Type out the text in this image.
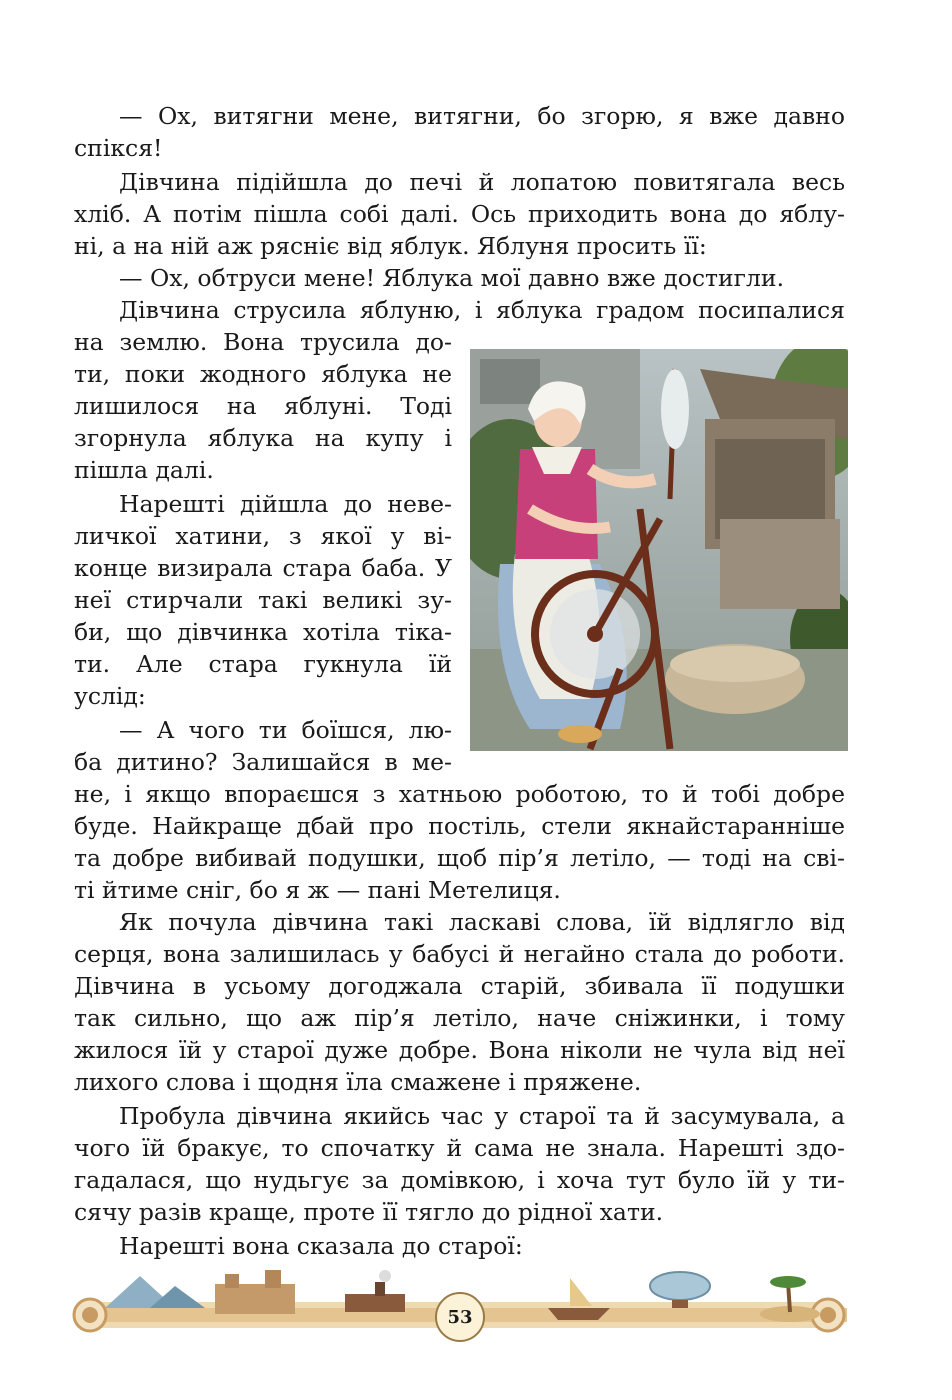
— Ох, витягни мене, витягни, бо згорю, я вже давно
спікся!
Дівчина підійшла до печі й лопатою повитягала весь
хліб. А потім пішла собі далі. Ось приходить вона до яблу-
ні, а на ній аж рясніє від яблук. Яблуня просить її:
— Ох, обтруси мене! Яблука мої давно вже достигли.
Дівчина струсила яблуню, і яблука градом посипалися
на землю. Вона трусила до-
ти, поки жодного яблука не
лишилося на яблуні. Тоді
згорнула яблука на купу і
пішла далі.
Нарешті дійшла до неве-
личкої хатини, з якої у ві-
конце визирала стара баба. У
неї стирчали такі великі зу-
би, що дівчинка хотіла тіка-
ти. Але стара гукнула їй
услід:
— А чого ти боїшся, лю-
ба дитино? Залишайся в ме-
не, і якщо впораєшся з хатньою роботою, то й тобі добре
буде. Найкраще дбай про постіль, стели якнайстаранніше
та добре вибивай подушки, щоб пір’я летіло, — тоді на сві-
ті йтиме сніг, бо я ж — пані Метелиця.
Як почула дівчина такі ласкаві слова, їй відлягло від
серця, вона залишилась у бабусі й негайно стала до роботи.
Дівчина в усьому догоджала старій, збивала її подушки
так сильно, що аж пір’я летіло, наче сніжинки, і тому
жилося їй у старої дуже добре. Вона ніколи не чула від неї
лихого слова і щодня їла смажене і пряжене.
Пробула дівчина якийсь час у старої та й засумувала, а
чого їй бракує, то спочатку й сама не знала. Нарешті здо-
гадалася, що нудьгує за домівкою, і хоча тут було їй у ти-
сячу разів краще, проте її тягло до рідної хати.
Нарешті вона сказала до старої:
53
